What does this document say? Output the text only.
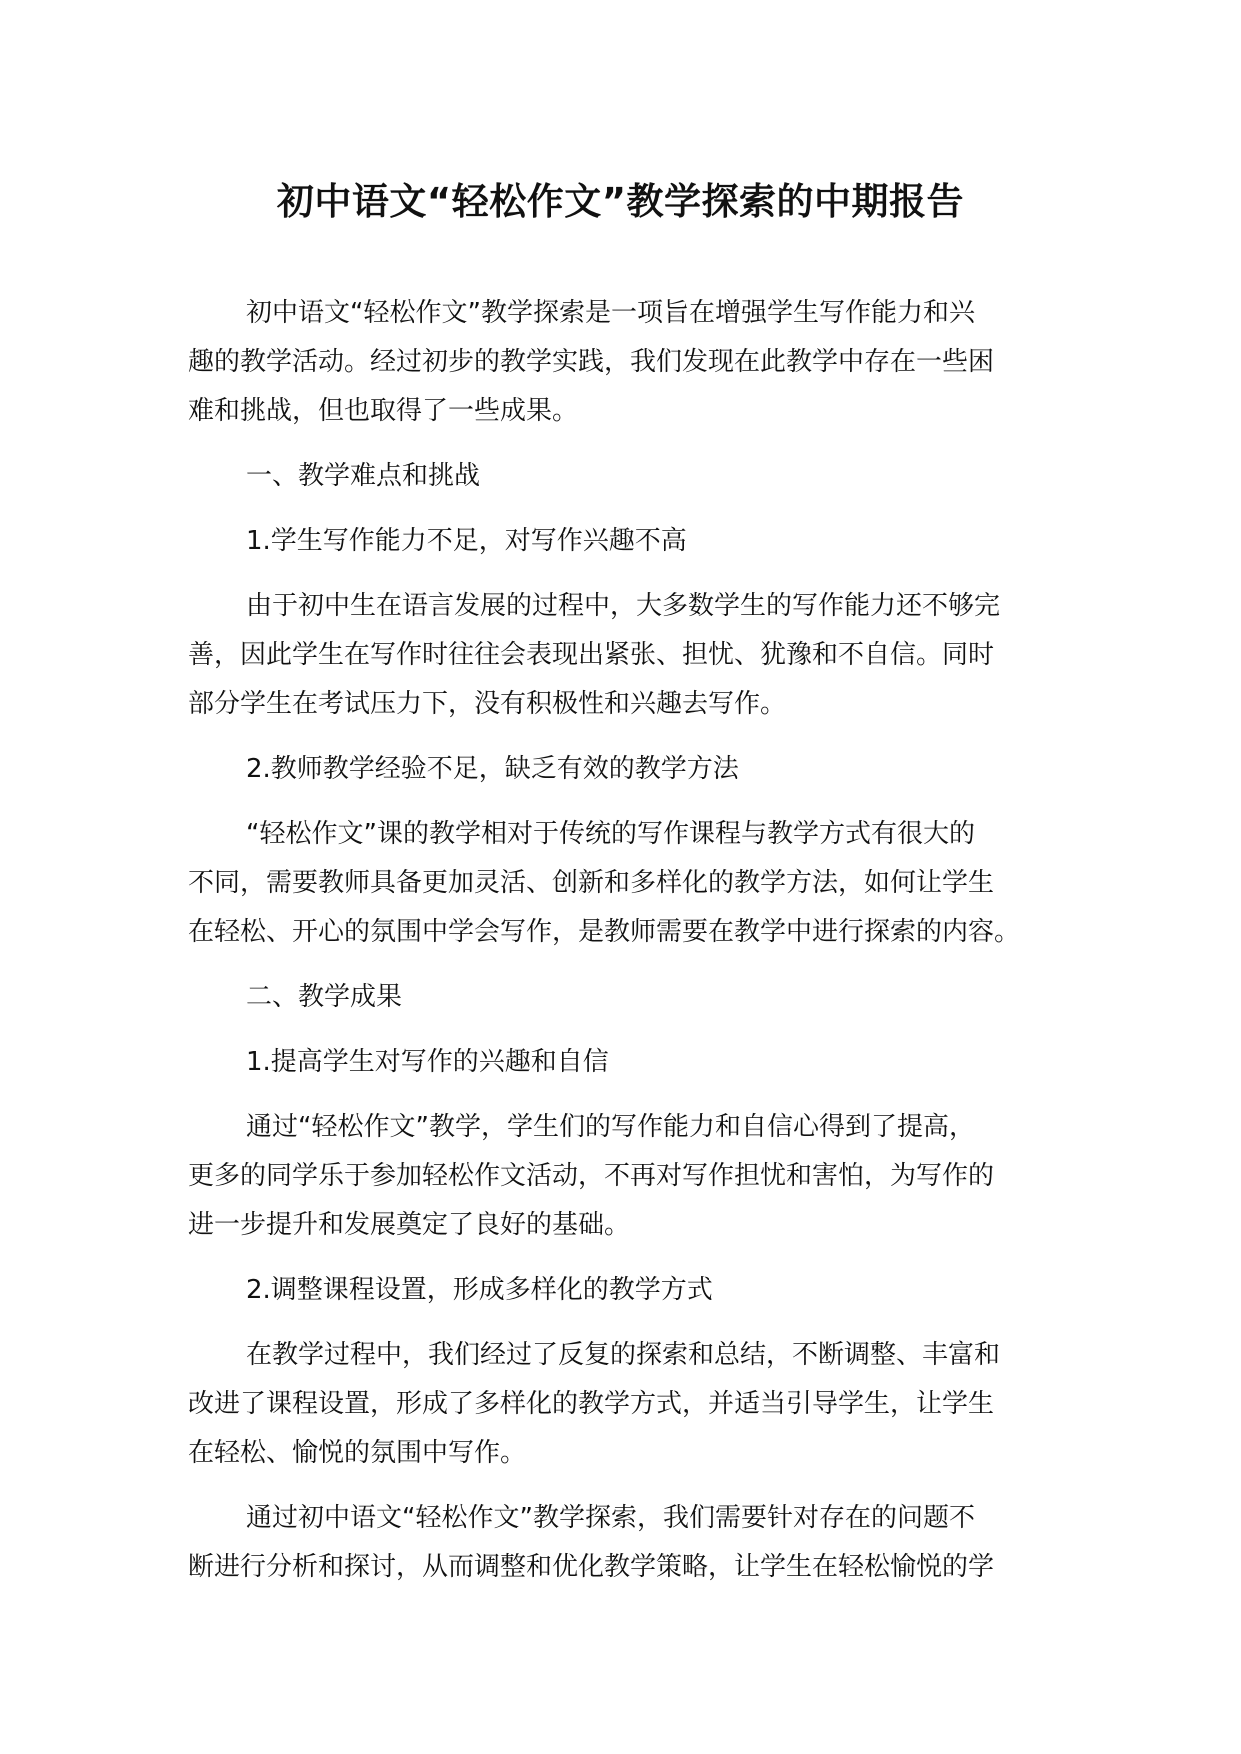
初中语文“轻松作文”教学探索的中期报告

初中语文“轻松作文”教学探索是一项旨在增强学生写作能力和兴
趣的教学活动。经过初步的教学实践，我们发现在此教学中存在一些困
难和挑战，但也取得了一些成果。

一、教学难点和挑战

1.学生写作能力不足，对写作兴趣不高

由于初中生在语言发展的过程中，大多数学生的写作能力还不够完
善，因此学生在写作时往往会表现出紧张、担忧、犹豫和不自信。同时
部分学生在考试压力下，没有积极性和兴趣去写作。

2.教师教学经验不足，缺乏有效的教学方法

“轻松作文”课的教学相对于传统的写作课程与教学方式有很大的
不同，需要教师具备更加灵活、创新和多样化的教学方法，如何让学生
在轻松、开心的氛围中学会写作，是教师需要在教学中进行探索的内容。

二、教学成果

1.提高学生对写作的兴趣和自信

通过“轻松作文”教学，学生们的写作能力和自信心得到了提高，
更多的同学乐于参加轻松作文活动，不再对写作担忧和害怕，为写作的
进一步提升和发展奠定了良好的基础。

2.调整课程设置，形成多样化的教学方式

在教学过程中，我们经过了反复的探索和总结，不断调整、丰富和
改进了课程设置，形成了多样化的教学方式，并适当引导学生，让学生
在轻松、愉悦的氛围中写作。

通过初中语文“轻松作文”教学探索，我们需要针对存在的问题不
断进行分析和探讨，从而调整和优化教学策略，让学生在轻松愉悦的学
